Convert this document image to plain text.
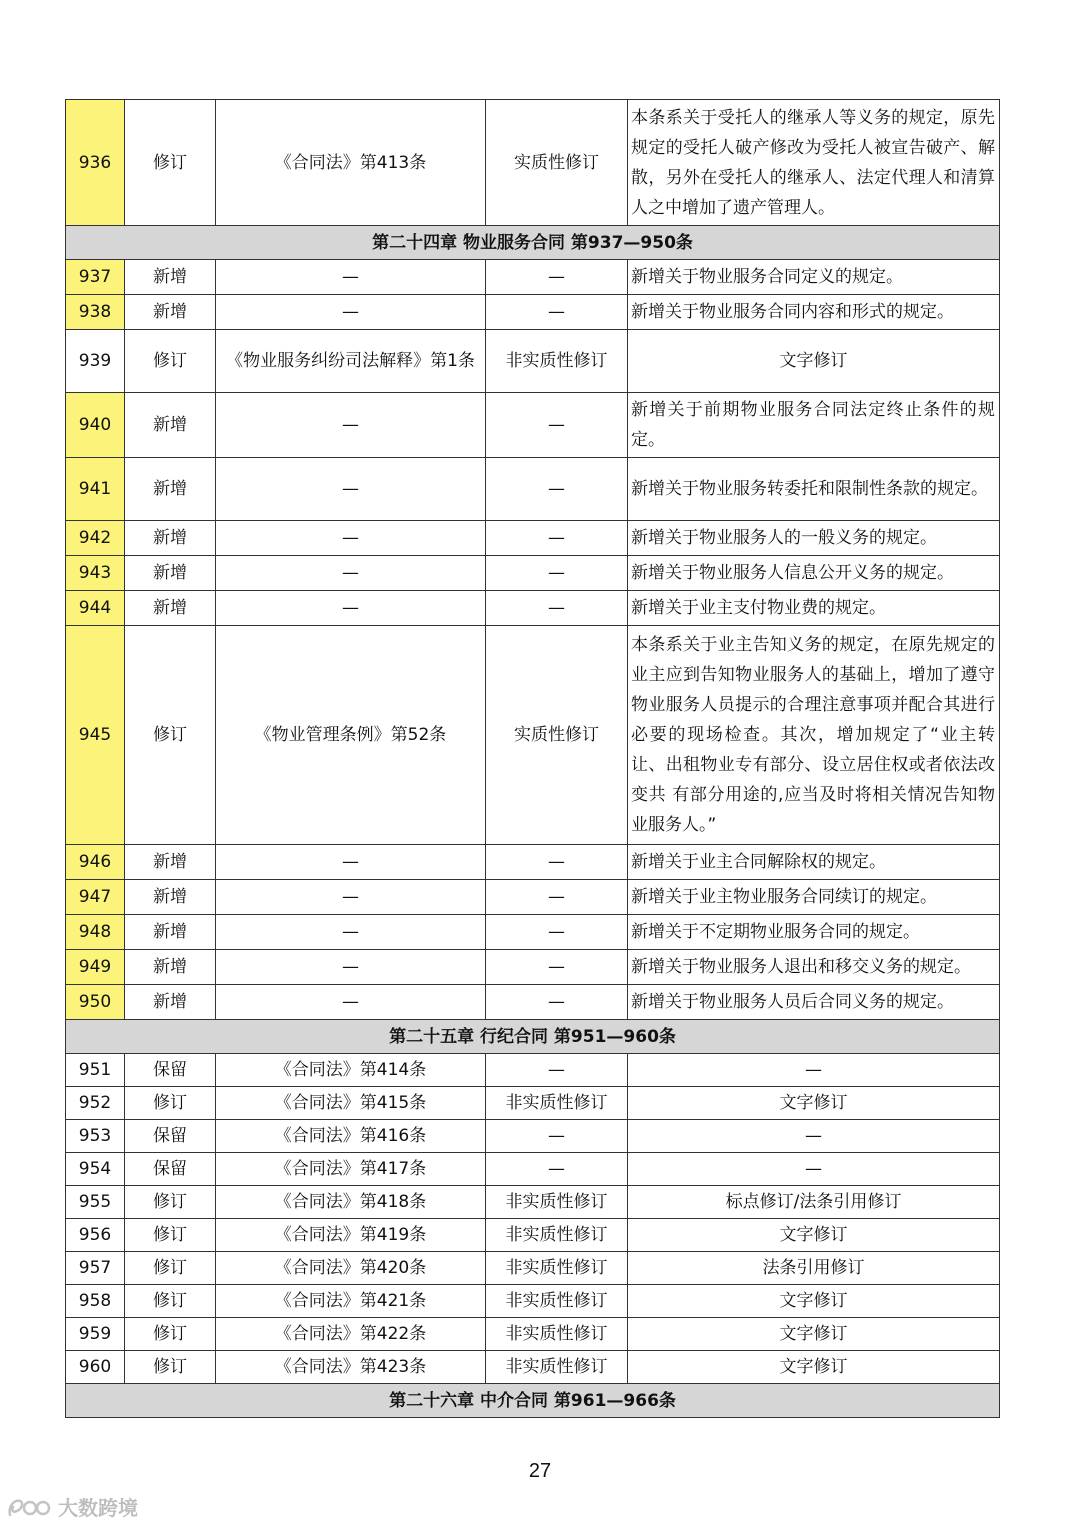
936	修订	《合同法》第413条	实质性修订	本条系关于受托人的继承人等义务的规定，原先规定的受托人破产修改为受托人被宣告破产、解散，另外在受托人的继承人、法定代理人和清算人之中增加了遗产管理人。
第二十四章 物业服务合同 第937—950条				
937	新增	—	—	新增关于物业服务合同定义的规定。
938	新增	—	—	新增关于物业服务合同内容和形式的规定。
939	修订	《物业服务纠纷司法解释》第1条	非实质性修订	文字修订
940	新增	—	—	新增关于前期物业服务合同法定终止条件的规定。
941	新增	—	—	新增关于物业服务转委托和限制性条款的规定。
942	新增	—	—	新增关于物业服务人的一般义务的规定。
943	新增	—	—	新增关于物业服务人信息公开义务的规定。
944	新增	—	—	新增关于业主支付物业费的规定。
945	修订	《物业管理条例》第52条	实质性修订	本条系关于业主告知义务的规定，在原先规定的业主应到告知物业服务人的基础上，增加了遵守物业服务人员提示的合理注意事项并配合其进行必要的现场检查。其次，增加规定了“业主转让、出租物业专有部分、设立居住权或者依法改变共 有部分用途的,应当及时将相关情况告知物业服务人。”
946	新增	—	—	新增关于业主合同解除权的规定。
947	新增	—	—	新增关于业主物业服务合同续订的规定。
948	新增	—	—	新增关于不定期物业服务合同的规定。
949	新增	—	—	新增关于物业服务人退出和移交义务的规定。
950	新增	—	—	新增关于物业服务人员后合同义务的规定。
第二十五章 行纪合同 第951—960条				
951	保留	《合同法》第414条	—	—
952	修订	《合同法》第415条	非实质性修订	文字修订
953	保留	《合同法》第416条	—	—
954	保留	《合同法》第417条	—	—
955	修订	《合同法》第418条	非实质性修订	标点修订/法条引用修订
956	修订	《合同法》第419条	非实质性修订	文字修订
957	修订	《合同法》第420条	非实质性修订	法条引用修订
958	修订	《合同法》第421条	非实质性修订	文字修订
959	修订	《合同法》第422条	非实质性修订	文字修订
960	修订	《合同法》第423条	非实质性修订	文字修订
第二十六章 中介合同 第961—966条				
27
大数跨境
